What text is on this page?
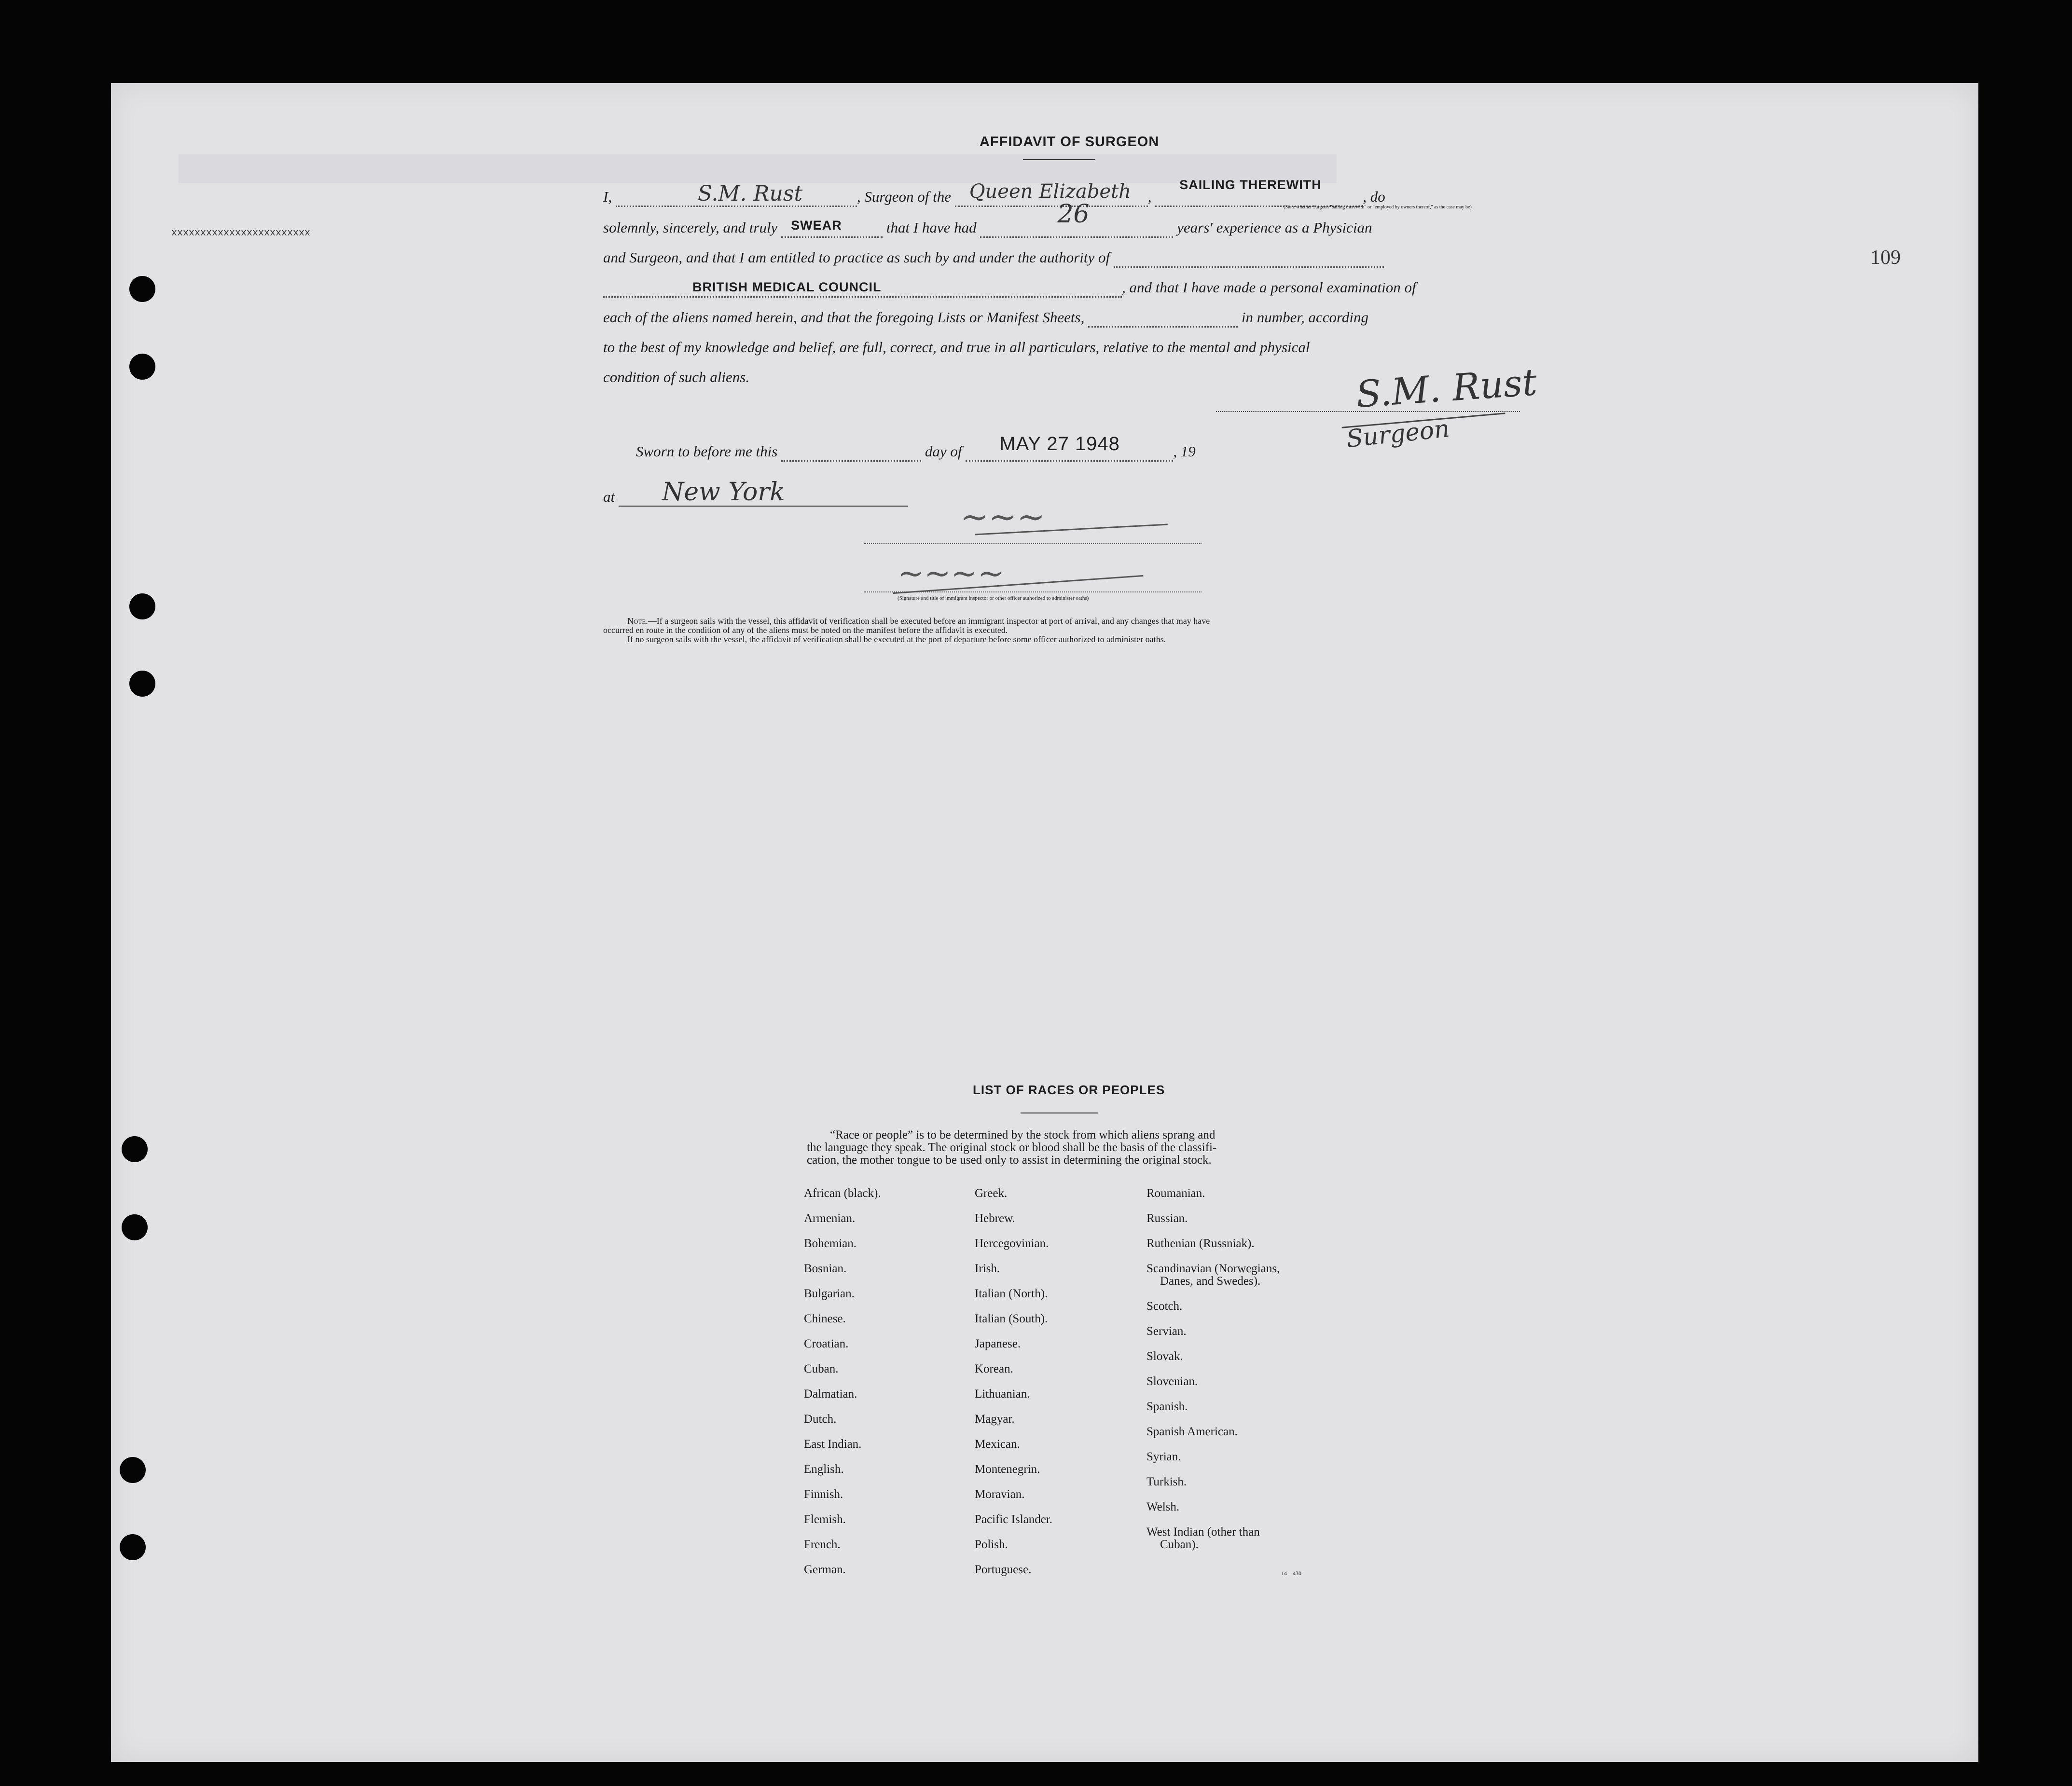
xxxxxxxxxxxxxxxxxxxxxxxx
109
AFFIDAVIT OF SURGEON
I,	S.M. Rust	, Surgeon of the Queen Elizabeth ,
SAILING THEREWITH
, do
(State whether Surgeon "sailing therewith" or "employed by owners thereof," as the case may be)
solemnly, sincerely, and truly SWEAR	that I have had	26	years' experience as a Physician
and Surgeon, and that I am entitled to practice as such by and under the authority of
BRITISH MEDICAL COUNCIL	, and that I have made a personal examination of
each of the aliens named herein, and that the foregoing Lists or Manifest Sheets,	in number, according
to the best of my knowledge and belief, are full, correct, and true in all particulars, relative to the mental and physical
condition of such aliens.	S.M. Rust
Surgeon
Sworn to before me this	day of MAY 27 1948	, 19
at New York

~~~
~~~~
(Signature and title of immigrant inspector or other officer authorized to administer oaths)
Note.—If a surgeon sails with the vessel, this affidavit of verification shall be executed before an immigrant inspector at port of arrival, and any changes that may have
occurred en route in the condition of any of the aliens must be noted on the manifest before the affidavit is executed.
If no surgeon sails with the vessel, the affidavit of verification shall be executed at the port of departure before some officer authorized to administer oaths.
LIST OF RACES OR PEOPLES
“Race or people” is to be determined by the stock from which aliens sprang and
the language they speak. The original stock or blood shall be the basis of the classifi-
cation, the mother tongue to be used only to assist in determining the original stock.
African (black).
Armenian.
Bohemian.
Bosnian.
Bulgarian.
Chinese.
Croatian.
Cuban.
Dalmatian.
Dutch.
East Indian.
English.
Finnish.
Flemish.
French.
German.
Greek.
Hebrew.
Hercegovinian.
Irish.
Italian (North).
Italian (South).
Japanese.
Korean.
Lithuanian.
Magyar.
Mexican.
Montenegrin.
Moravian.
Pacific Islander.
Polish.
Portuguese.
Roumanian.
Russian.
Ruthenian (Russniak).
Scandinavian (Norwegians,
Danes, and Swedes).
Scotch.
Servian.
Slovak.
Slovenian.
Spanish.
Spanish American.
Syrian.
Turkish.
Welsh.
West Indian (other than
Cuban).
14—430
